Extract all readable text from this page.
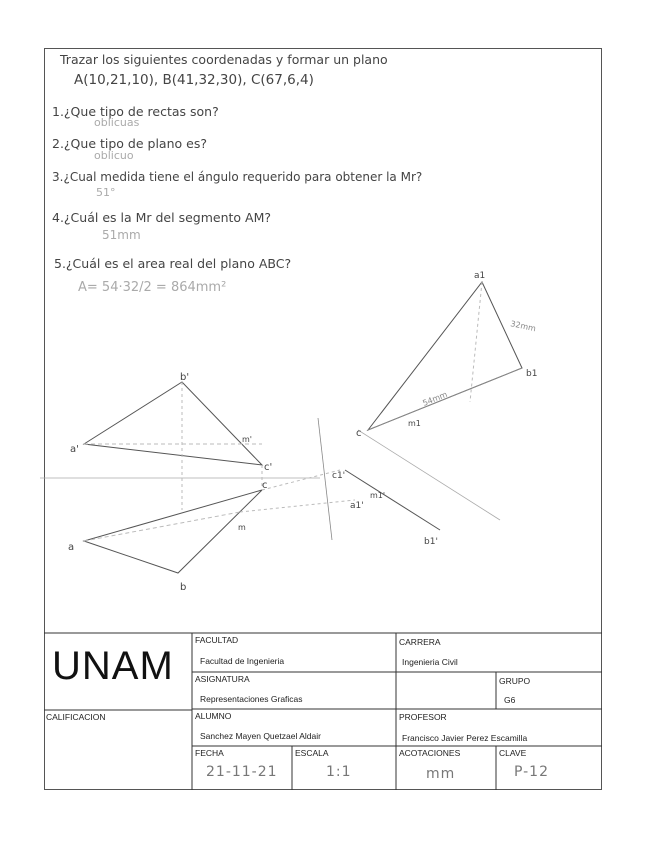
Trazar los siguientes coordenadas y formar un plano
A(10,21,10), B(41,32,30), C(67,6,4)
1.¿Que tipo de rectas son?
oblicuas
2.¿Que tipo de plano es?
oblicuo
3.¿Cual medida tiene el ángulo requerido para obtener la Mr?
51°
4.¿Cuál es la Mr del segmento AM?
51mm
5.¿Cuál es el area real del plano ABC?
A= 54·32/2 = 864mm²
a'
b'
c'
m'
a
b
c
m
c1'
a1'
m1'
b1'
a1
b1
c
m1
32mm
54mm
UNAM
FACULTAD
Facultad de Ingenieria
CARRERA
Ingenieria Civil
ASIGNATURA
Representaciones Graficas
GRUPO
G6
CALIFICACION	ALUMNO
Sanchez Mayen Quetzael Aldair
PROFESOR
Francisco Javier Perez Escamilla
FECHA
21-11-21
ESCALA
1:1
ACOTACIONES
mm
CLAVE
P-12
